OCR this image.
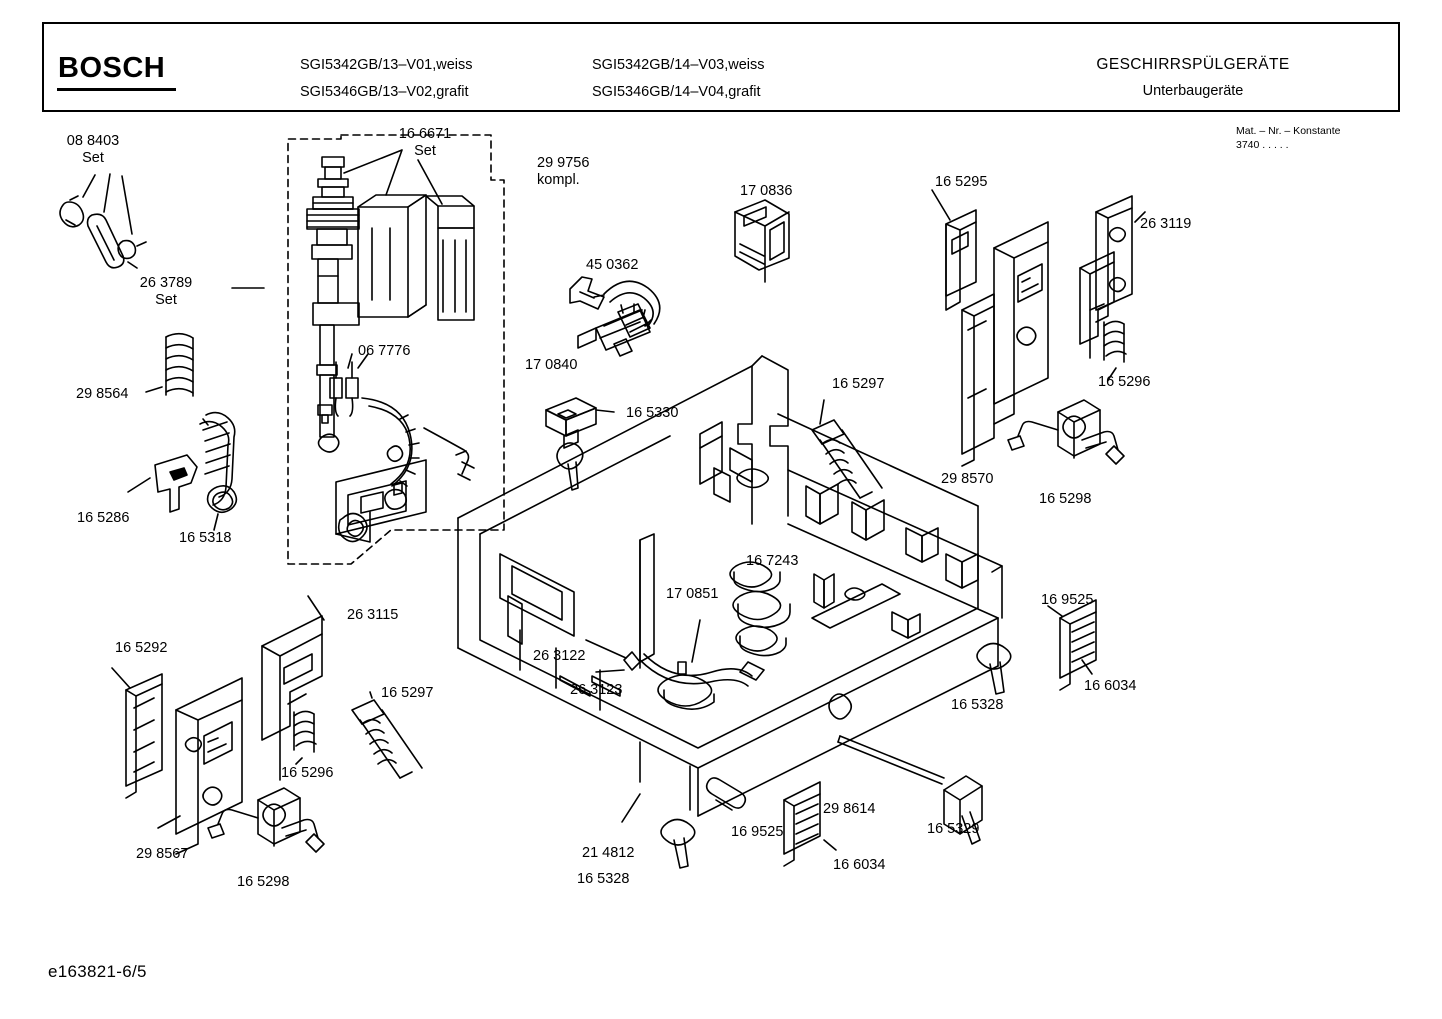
BOSCH	SGI5342GB/13–V01,weiss
SGI5346GB/13–V02,grafit
SGI5342GB/14–V03,weiss
SGI5346GB/14–V04,grafit
GESCHIRRSPÜLGERÄTE
Unterbaugeräte
Mat. – Nr. – Konstante
3740 . . . . .
e163821-6/5
08 8403
Set
16 6671
Set
29 9756
kompl.
17 0836
16 5295
26 3119
26 3789
Set
45 0362
06 7776
29 8564
17 0840
16 5296
16 5297
16 5330
16 5286
16 5318
29 8570
16 5298
16 7243
17 0851	16 9525
26 3115
26 3122
26 3123	16 6034
16 5328
16 5292
16 5297
16 5296
29 8614
16 5329
29 8567
16 5298
21 4812
16 9525
16 5328
16 6034
